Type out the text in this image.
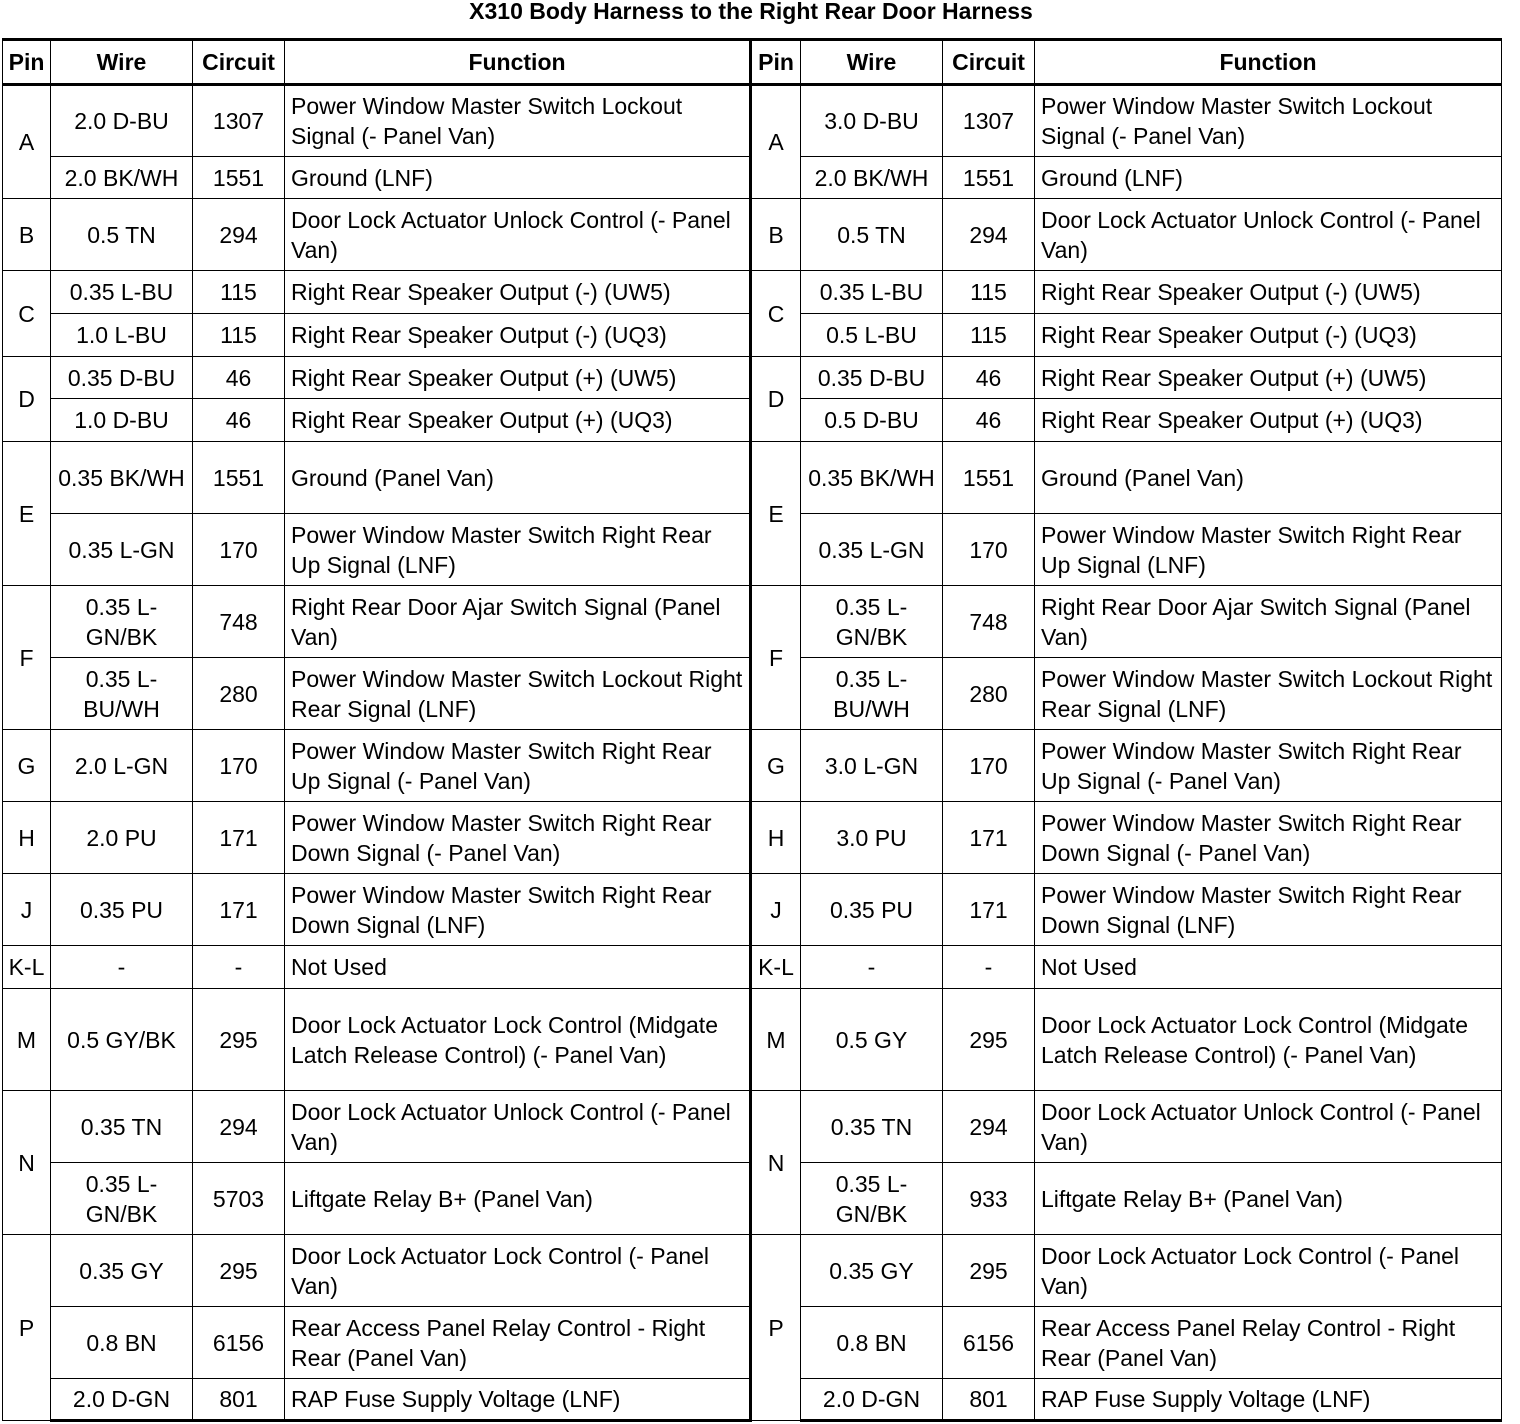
X310 Body Harness to the Right Rear Door Harness
Pin	Wire	Circuit	Function	Pin	Wire	Circuit	Function
A	2.0 D-BU	1307	Power Window Master Switch Lockout Signal (- Panel Van)	A	3.0 D-BU	1307	Power Window Master Switch Lockout Signal (- Panel Van)
	2.0 BK/WH	1551	Ground (LNF)		2.0 BK/WH	1551	Ground (LNF)
B	0.5 TN	294	Door Lock Actuator Unlock Control (- Panel Van)	B	0.5 TN	294	Door Lock Actuator Unlock Control (- Panel Van)
C	0.35 L-BU	115	Right Rear Speaker Output (-) (UW5)	C	0.35 L-BU	115	Right Rear Speaker Output (-) (UW5)
	1.0 L-BU	115	Right Rear Speaker Output (-) (UQ3)		0.5 L-BU	115	Right Rear Speaker Output (-) (UQ3)
D	0.35 D-BU	46	Right Rear Speaker Output (+) (UW5)	D	0.35 D-BU	46	Right Rear Speaker Output (+) (UW5)
	1.0 D-BU	46	Right Rear Speaker Output (+) (UQ3)		0.5 D-BU	46	Right Rear Speaker Output (+) (UQ3)
E	0.35 BK/WH	1551	Ground (Panel Van)	E	0.35 BK/WH	1551	Ground (Panel Van)
	0.35 L-GN	170	Power Window Master Switch Right Rear Up Signal (LNF)		0.35 L-GN	170	Power Window Master Switch Right Rear Up Signal (LNF)
F	0.35 L-GN/BK	748	Right Rear Door Ajar Switch Signal (Panel Van)	F	0.35 L-GN/BK	748	Right Rear Door Ajar Switch Signal (Panel Van)
	0.35 L-BU/WH	280	Power Window Master Switch Lockout Right Rear Signal (LNF)		0.35 L-BU/WH	280	Power Window Master Switch Lockout Right Rear Signal (LNF)
G	2.0 L-GN	170	Power Window Master Switch Right Rear Up Signal (- Panel Van)	G	3.0 L-GN	170	Power Window Master Switch Right Rear Up Signal (- Panel Van)
H	2.0 PU	171	Power Window Master Switch Right Rear Down Signal (- Panel Van)	H	3.0 PU	171	Power Window Master Switch Right Rear Down Signal (- Panel Van)
J	0.35 PU	171	Power Window Master Switch Right Rear Down Signal (LNF)	J	0.35 PU	171	Power Window Master Switch Right Rear Down Signal (LNF)
K-L	-	-	Not Used	K-L	-	-	Not Used
M	0.5 GY/BK	295	Door Lock Actuator Lock Control (Midgate Latch Release Control) (- Panel Van)	M	0.5 GY	295	Door Lock Actuator Lock Control (Midgate Latch Release Control) (- Panel Van)
N	0.35 TN	294	Door Lock Actuator Unlock Control (- Panel Van)	N	0.35 TN	294	Door Lock Actuator Unlock Control (- Panel Van)
	0.35 L-GN/BK	5703	Liftgate Relay B+ (Panel Van)		0.35 L-GN/BK	933	Liftgate Relay B+ (Panel Van)
P	0.35 GY	295	Door Lock Actuator Lock Control (- Panel Van)	P	0.35 GY	295	Door Lock Actuator Lock Control (- Panel Van)
	0.8 BN	6156	Rear Access Panel Relay Control - Right Rear (Panel Van)		0.8 BN	6156	Rear Access Panel Relay Control - Right Rear (Panel Van)
	2.0 D-GN	801	RAP Fuse Supply Voltage (LNF)		2.0 D-GN	801	RAP Fuse Supply Voltage (LNF)
